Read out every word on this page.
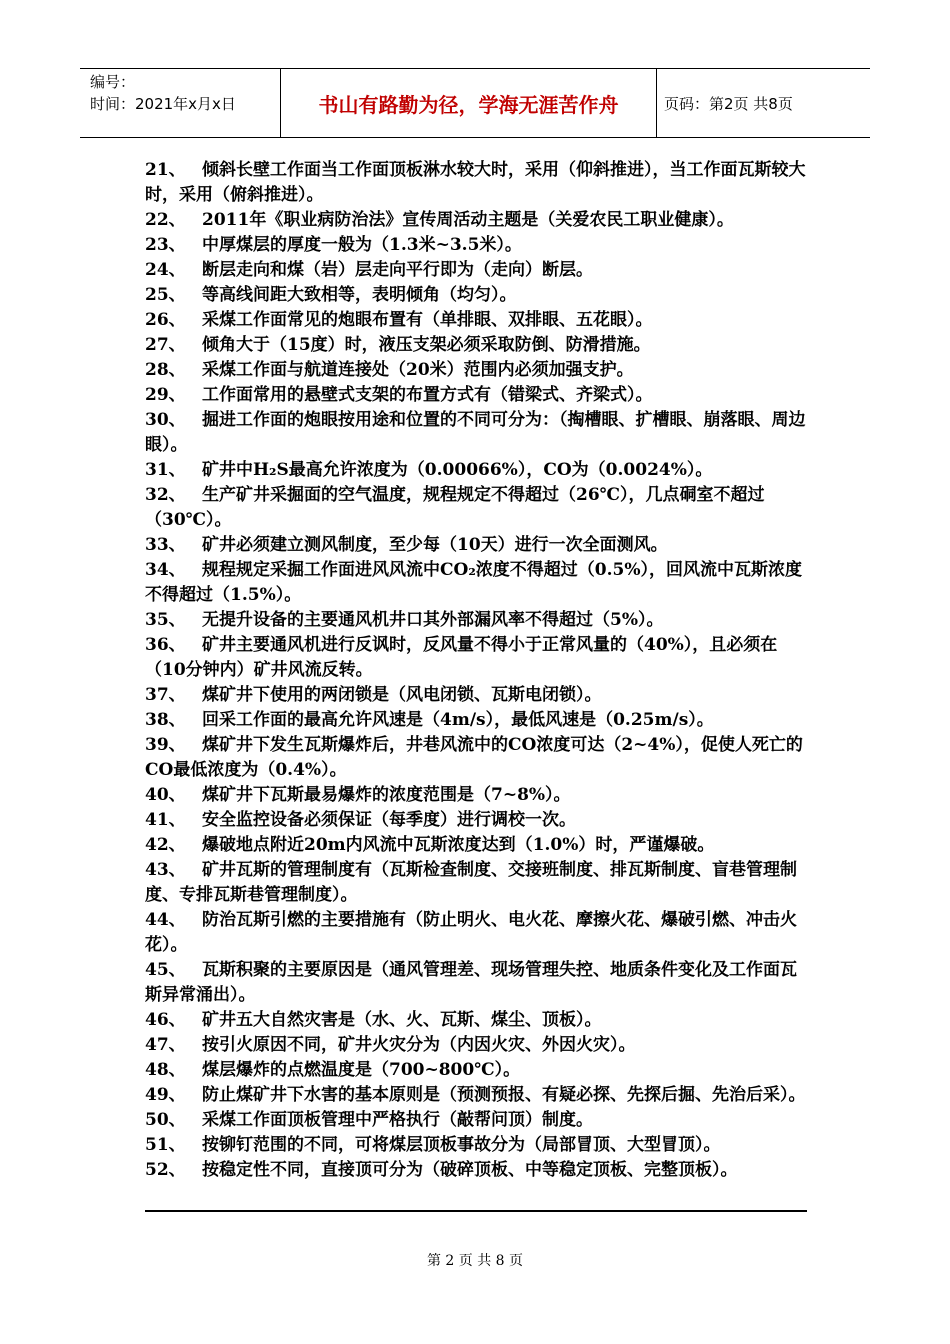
编号：
时间：2021年x月x日	书山有路勤为径，学海无涯苦作舟	页码：第2页 共8页

21、 倾斜长壁工作面当工作面顶板淋水较大时，采用（仰斜推进），当工作面瓦斯较大时，采用（俯斜推进）。

22、 2011年《职业病防治法》宣传周活动主题是（关爱农民工职业健康）。

23、 中厚煤层的厚度一般为（1.3米~3.5米）。

24、 断层走向和煤（岩）层走向平行即为（走向）断层。

25、 等高线间距大致相等，表明倾角（均匀）。

26、 采煤工作面常见的炮眼布置有（单排眼、双排眼、五花眼）。

27、 倾角大于（15度）时，液压支架必须采取防倒、防滑措施。

28、 采煤工作面与航道连接处（20米）范围内必须加强支护。

29、 工作面常用的悬壁式支架的布置方式有（错梁式、齐梁式）。

30、 掘进工作面的炮眼按用途和位置的不同可分为：（掏槽眼、扩槽眼、崩落眼、周边眼）。

31、 矿井中H₂S最高允许浓度为（0.00066%），CO为（0.0024%）。

32、 生产矿井采掘面的空气温度，规程规定不得超过（26℃），几点硐室不超过（30℃）。

33、 矿井必须建立测风制度，至少每（10天）进行一次全面测风。

34、 规程规定采掘工作面进风风流中CO₂浓度不得超过（0.5%），回风流中瓦斯浓度不得超过（1.5%）。

35、 无提升设备的主要通风机井口其外部漏风率不得超过（5%）。

36、 矿井主要通风机进行反讽时，反风量不得小于正常风量的（40%），且必须在（10分钟内）矿井风流反转。

37、 煤矿井下使用的两闭锁是（风电闭锁、瓦斯电闭锁）。

38、 回采工作面的最高允许风速是（4m/s），最低风速是（0.25m/s）。

39、 煤矿井下发生瓦斯爆炸后，井巷风流中的CO浓度可达（2~4%），促使人死亡的CO最低浓度为（0.4%）。

40、 煤矿井下瓦斯最易爆炸的浓度范围是（7~8%）。

41、 安全监控设备必须保证（每季度）进行调校一次。

42、 爆破地点附近20m内风流中瓦斯浓度达到（1.0%）时，严谨爆破。

43、 矿井瓦斯的管理制度有（瓦斯检查制度、交接班制度、排瓦斯制度、盲巷管理制度、专排瓦斯巷管理制度）。

44、 防治瓦斯引燃的主要措施有（防止明火、电火花、摩擦火花、爆破引燃、冲击火花）。

45、 瓦斯积聚的主要原因是（通风管理差、现场管理失控、地质条件变化及工作面瓦斯异常涌出）。

46、 矿井五大自然灾害是（水、火、瓦斯、煤尘、顶板）。

47、 按引火原因不同，矿井火灾分为（内因火灾、外因火灾）。

48、 煤层爆炸的点燃温度是（700~800℃）。

49、 防止煤矿井下水害的基本原则是（预测预报、有疑必探、先探后掘、先治后采）。

50、 采煤工作面顶板管理中严格执行（敲帮问顶）制度。

51、 按铆钉范围的不同，可将煤层顶板事故分为（局部冒顶、大型冒顶）。

52、 按稳定性不同，直接顶可分为（破碎顶板、中等稳定顶板、完整顶板）。

第 2 页 共 8 页
